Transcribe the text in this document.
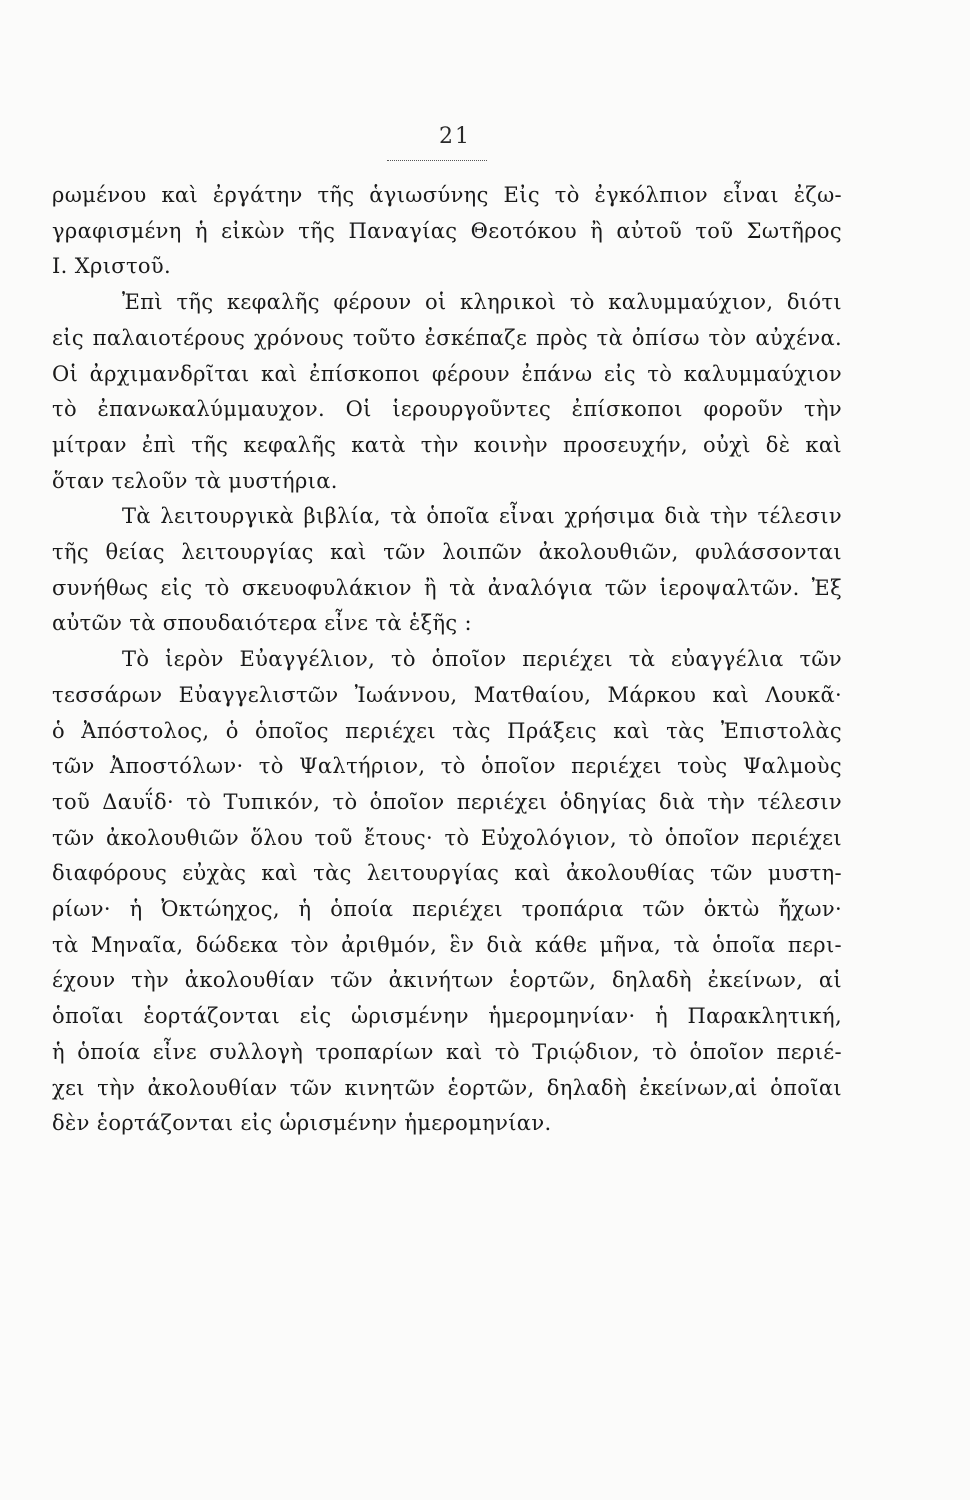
21
ρωμένου καὶ ἐργάτην τῆς ἁγιωσύνης Εἰς τὸ ἐγκόλπιον εἶναι ἐζω-
γραφισμένη ἡ εἰκὼν τῆς Παναγίας Θεοτόκου ἢ αὐτοῦ τοῦ Σωτῆρος
Ι. Χριστοῦ.
Ἐπὶ τῆς κεφαλῆς φέρουν οἱ κληρικοὶ τὸ καλυμμαύχιον, διότι
εἰς παλαιοτέρους χρόνους τοῦτο ἐσκέπαζε πρὸς τὰ ὀπίσω τὸν αὐχένα.
Οἱ ἀρχιμανδρῖται καὶ ἐπίσκοποι φέρουν ἐπάνω εἰς τὸ καλυμμαύχιον
τὸ ἐπανωκαλύμμαυχον. Οἱ ἱερουργοῦντες ἐπίσκοποι φοροῦν τὴν
μίτραν ἐπὶ τῆς κεφαλῆς κατὰ τὴν κοινὴν προσευχήν, οὐχὶ δὲ καὶ
ὅταν τελοῦν τὰ μυστήρια.
Τὰ λειτουργικὰ βιβλία, τὰ ὁποῖα εἶναι χρήσιμα διὰ τὴν τέλεσιν
τῆς θείας λειτουργίας καὶ τῶν λοιπῶν ἀκολουθιῶν, φυλάσσονται
συνήθως εἰς τὸ σκευοφυλάκιον ἢ τὰ ἀναλόγια τῶν ἱεροψαλτῶν. Ἐξ
αὐτῶν τὰ σπουδαιότερα εἶνε τὰ ἑξῆς :
Τὸ ἱερὸν Εὐαγγέλιον, τὸ ὁποῖον περιέχει τὰ εὐαγγέλια τῶν
τεσσάρων Εὐαγγελιστῶν Ἰωάννου, Ματθαίου, Μάρκου καὶ Λουκᾶ·
ὁ Ἀπόστολος, ὁ ὁποῖος περιέχει τὰς Πράξεις καὶ τὰς Ἐπιστολὰς
τῶν Ἀποστόλων· τὸ Ψαλτήριον, τὸ ὁποῖον περιέχει τοὺς Ψαλμοὺς
τοῦ Δαυΐδ· τὸ Τυπικόν, τὸ ὁποῖον περιέχει ὁδηγίας διὰ τὴν τέλεσιν
τῶν ἀκολουθιῶν ὅλου τοῦ ἔτους· τὸ Εὐχολόγιον, τὸ ὁποῖον περιέχει
διαφόρους εὐχὰς καὶ τὰς λειτουργίας καὶ ἀκολουθίας τῶν μυστη-
ρίων· ἡ Ὀκτώηχος, ἡ ὁποία περιέχει τροπάρια τῶν ὀκτὼ ἤχων·
τὰ Μηναῖα, δώδεκα τὸν ἀριθμόν, ἓν διὰ κάθε μῆνα, τὰ ὁποῖα περι-
έχουν τὴν ἀκολουθίαν τῶν ἀκινήτων ἑορτῶν, δηλαδὴ ἐκείνων, αἱ
ὁποῖαι ἑορτάζονται εἰς ὡρισμένην ἡμερομηνίαν· ἡ Παρακλητική,
ἡ ὁποία εἶνε συλλογὴ τροπαρίων καὶ τὸ Τριῴδιον, τὸ ὁποῖον περιέ-
χει τὴν ἀκολουθίαν τῶν κινητῶν ἑορτῶν, δηλαδὴ ἐκείνων,αἱ ὁποῖαι
δὲν ἑορτάζονται εἰς ὡρισμένην ἡμερομηνίαν.
